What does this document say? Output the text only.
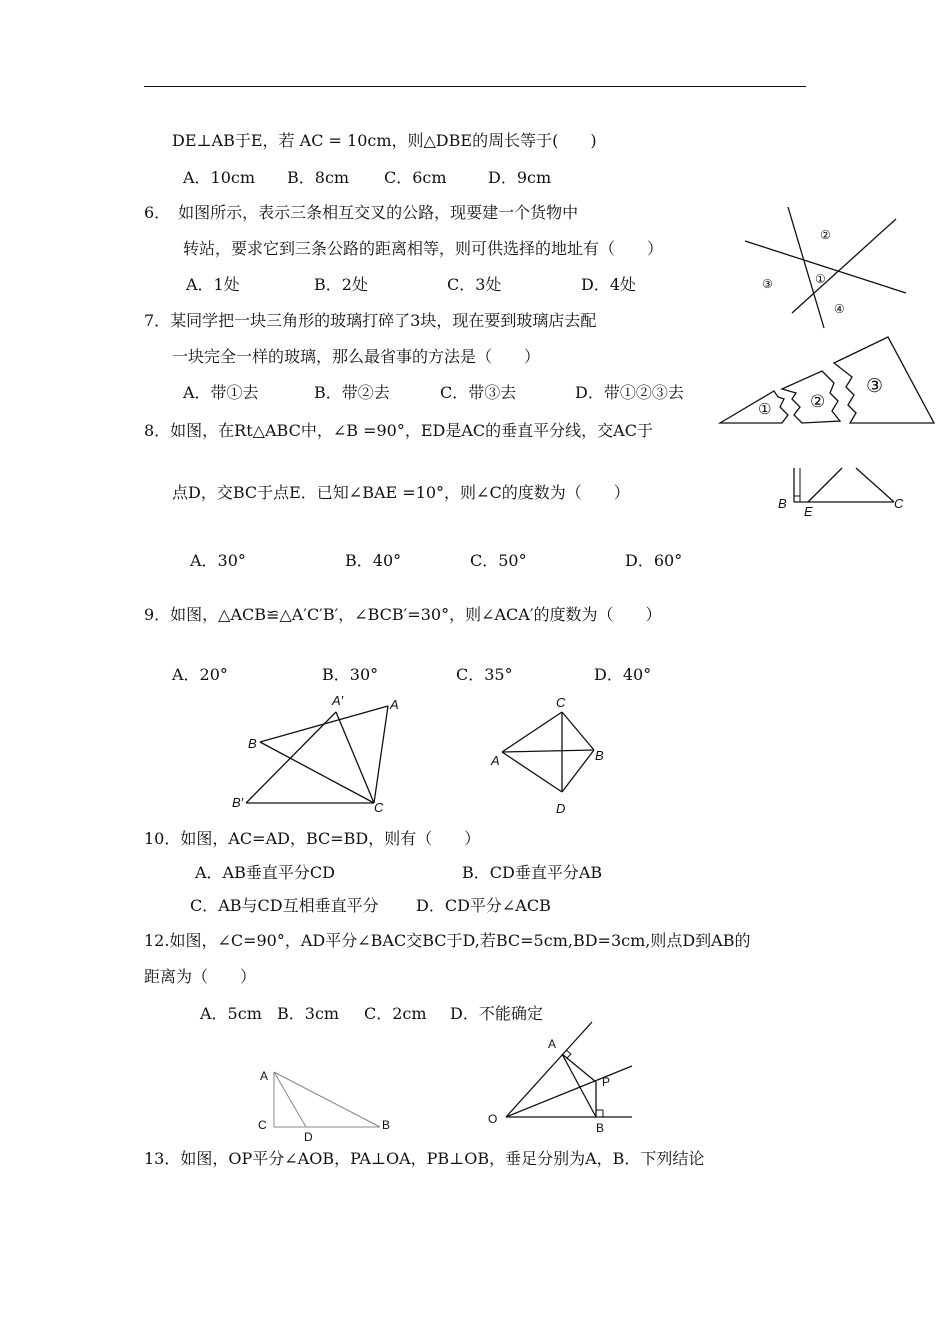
DE⊥AB于E，若 AC = 10cm，则△DBE的周长等于(　　)
A．10cm B．8cm C．6cm	D．9cm
6．　如图所示，表示三条相互交叉的公路，现要建一个货物中
转站，要求它到三条公路的距离相等，则可供选择的地址有（　　）
A．1处	B．2处	C．3处	D．4处
②
①
③
④
7．某同学把一块三角形的玻璃打碎了3块，现在要到玻璃店去配
一块完全一样的玻璃，那么最省事的方法是（　　）
A．带①去	B．带②去	C．带③去	D．带①②③去
① ②
③
8．如图，在Rt△ABC中，∠B =90°，ED是AC的垂直平分线，交AC于
点D，交BC于点E．已知∠BAE =10°，则∠C的度数为（　　）
A．30°	B．40°	C．50°	D．60°
B
E
C
9．如图，△ACB≌△A′C′B′，∠BCB′=30°，则∠ACA′的度数为（　　）
A．20°	B．30°	C．35°	D．40°
A′	A
B
B′	C
C
A	B
D
10．如图，AC=AD，BC=BD，则有（　　）
A．AB垂直平分CD	B．CD垂直平分AB
C．AB与CD互相垂直平分 D．CD平分∠ACB
12.如图，∠C=90°，AD平分∠BAC交BC于D,若BC=5cm,BD=3cm,则点D到AB的
距离为（　　）
A．5cm B．3cm C．2cm D．不能确定
A
C
D
B
A
P
O
B
13．如图，OP平分∠AOB，PA⊥OA，PB⊥OB，垂足分别为A，B．下列结论
